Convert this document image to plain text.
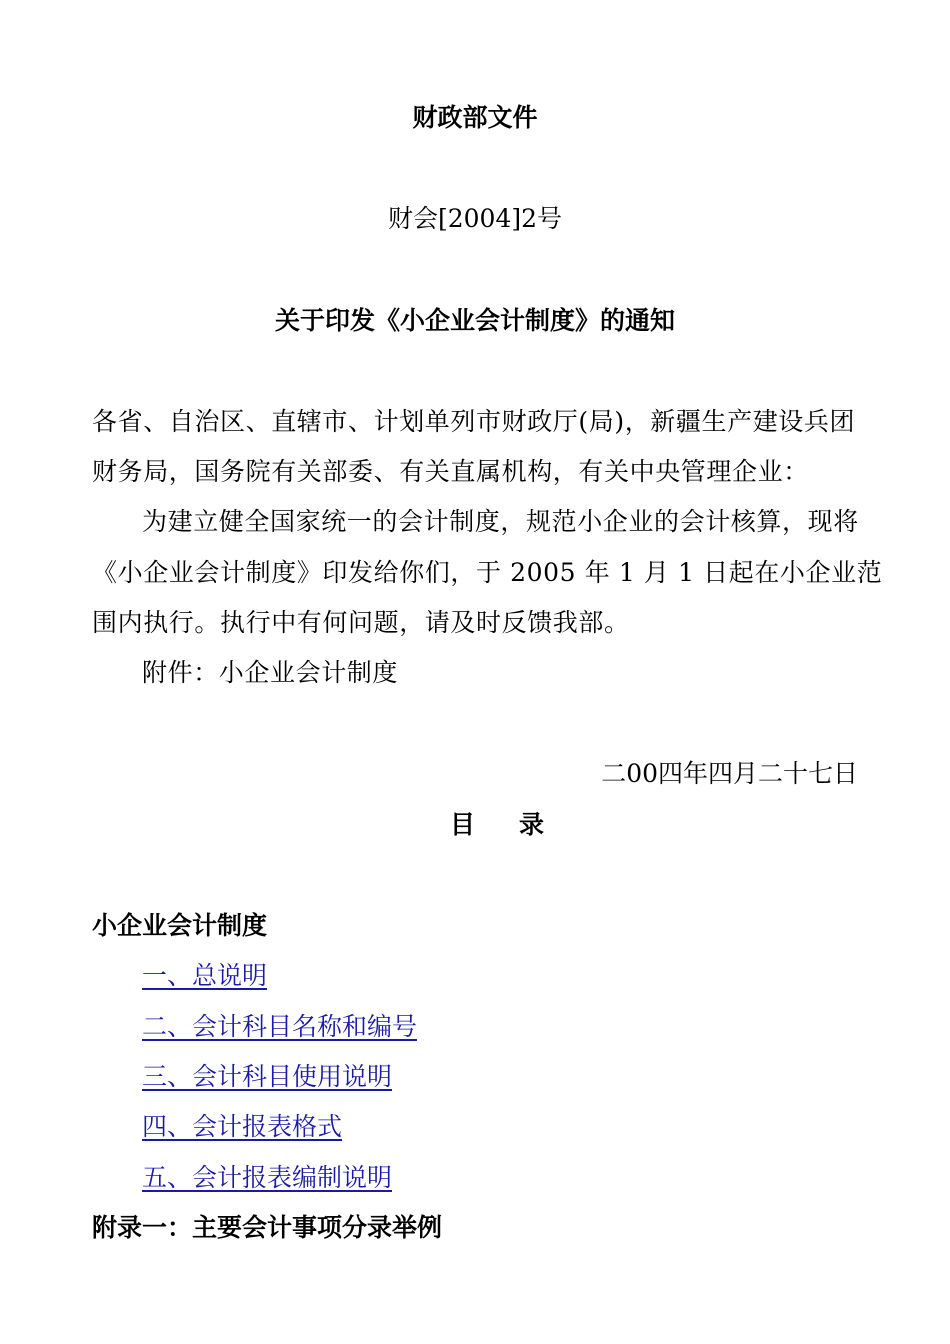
财政部文件
财会[2004]2号
关于印发《小企业会计制度》的通知
各省、自治区、直辖市、计划单列市财政厅(局)，新疆生产建设兵团
财务局，国务院有关部委、有关直属机构，有关中央管理企业：
为建立健全国家统一的会计制度，规范小企业的会计核算，现将
《小企业会计制度》印发给你们，于 2005 年 1 月 1 日起在小企业范
围内执行。执行中有何问题，请及时反馈我部。
附件：小企业会计制度
二00四年四月二十七日
目录
小企业会计制度
一、总说明
二、会计科目名称和编号
三、会计科目使用说明
四、会计报表格式
五、会计报表编制说明
附录一：主要会计事项分录举例
